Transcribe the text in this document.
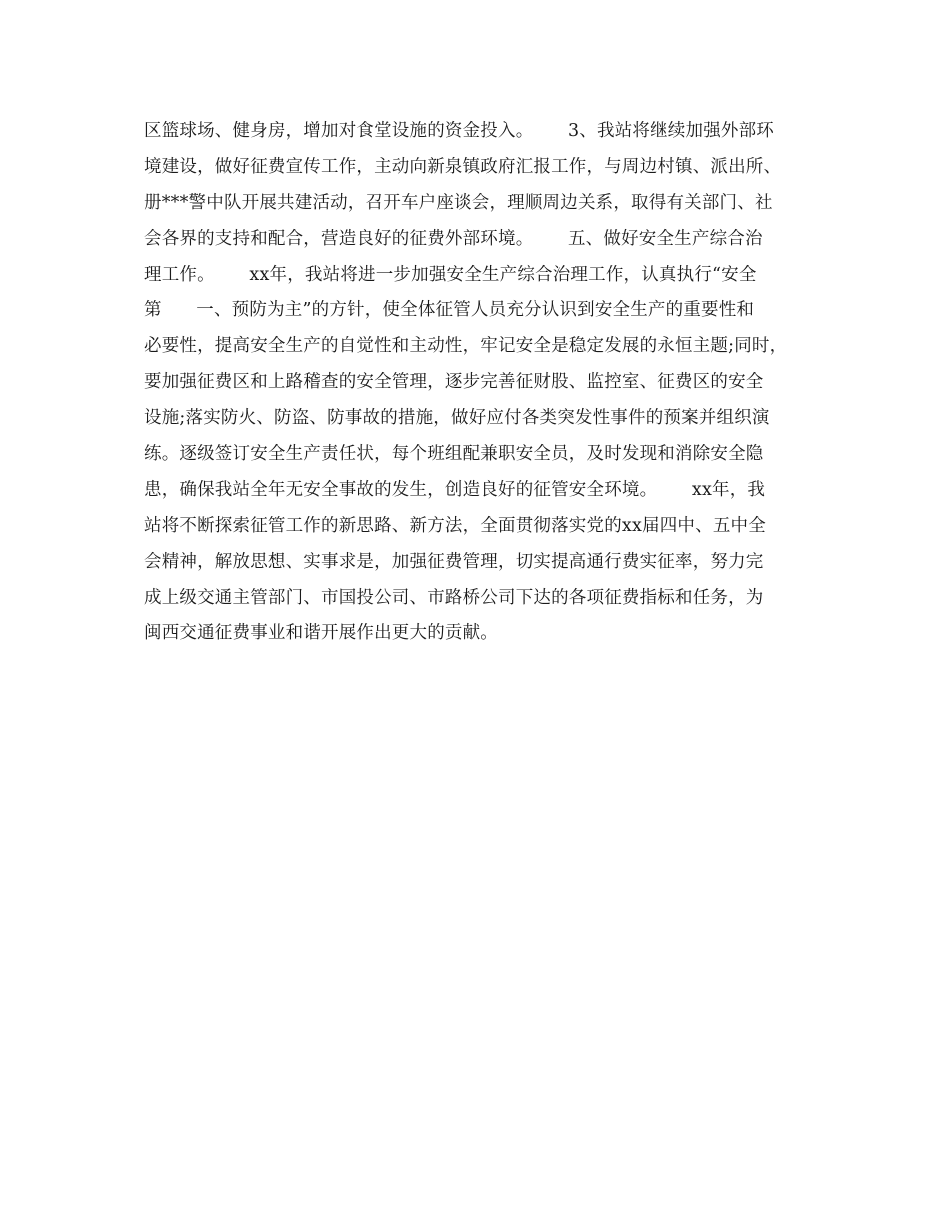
区篮球场、健身房，增加对食堂设施的资金投入。      3、我站将继续加强外部环
境建设，做好征费宣传工作，主动向新泉镇政府汇报工作，与周边村镇、派出所、
册***警中队开展共建活动，召开车户座谈会，理顺周边关系，取得有关部门、社
会各界的支持和配合，营造良好的征费外部环境。      五、做好安全生产综合治
理工作。      xx年，我站将进一步加强安全生产综合治理工作，认真执行“安全
第      一、预防为主”的方针，使全体征管人员充分认识到安全生产的重要性和
必要性，提高安全生产的自觉性和主动性，牢记安全是稳定发展的永恒主题;同时，
要加强征费区和上路稽查的安全管理，逐步完善征财股、监控室、征费区的安全
设施;落实防火、防盗、防事故的措施，做好应付各类突发性事件的预案并组织演
练。逐级签订安全生产责任状，每个班组配兼职安全员，及时发现和消除安全隐
患，确保我站全年无安全事故的发生，创造良好的征管安全环境。      xx年，我
站将不断探索征管工作的新思路、新方法，全面贯彻落实党的xx届四中、五中全
会精神，解放思想、实事求是，加强征费管理，切实提高通行费实征率，努力完
成上级交通主管部门、市国投公司、市路桥公司下达的各项征费指标和任务，为
闽西交通征费事业和谐开展作出更大的贡献。
